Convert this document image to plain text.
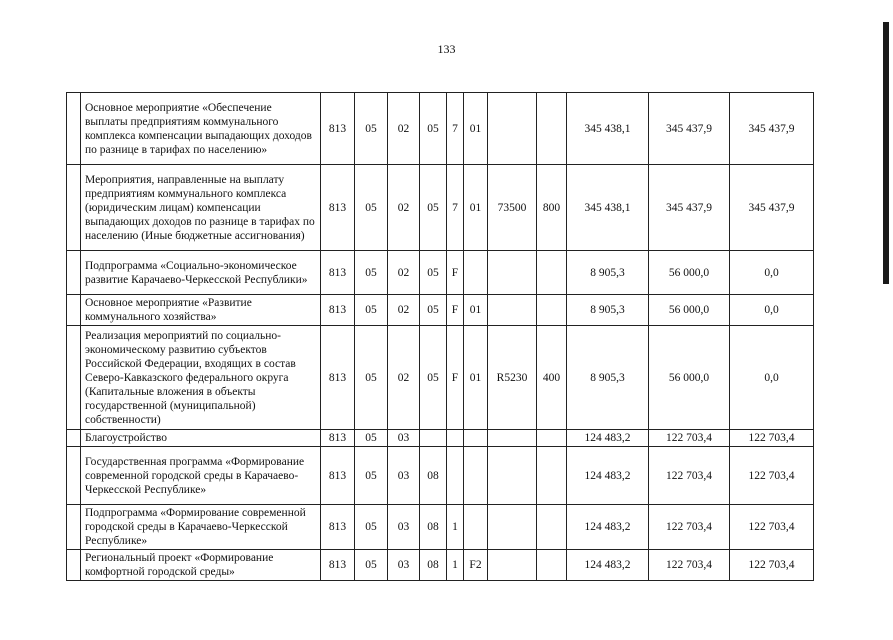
133
	Основное мероприятие «Обеспечение выплаты предприятиям коммунального комплекса компенсации выпадающих доходов по разнице в тарифах по населению»	813	05	02	05	7	01			345 438,1	345 437,9	345 437,9
	Мероприятия, направленные на выплату предприятиям коммунального комплекса (юридическим лицам) компенсации выпадающих доходов по разнице в тарифах по населению (Иные бюджетные ассигнования)	813	05	02	05	7	01	73500	800	345 438,1	345 437,9	345 437,9
	Подпрограмма «Социально-экономическое развитие Карачаево-Черкесской Республики»	813	05	02	05	F				8 905,3	56 000,0	0,0
	Основное мероприятие «Развитие коммунального хозяйства»	813	05	02	05	F	01			8 905,3	56 000,0	0,0
	Реализация мероприятий по социально-экономическому развитию субъектов Российской Федерации, входящих в состав Северо-Кавказского федерального округа (Капитальные вложения в объекты государственной (муниципальной) собственности)	813	05	02	05	F	01	R5230	400	8 905,3	56 000,0	0,0
	Благоустройство	813	05	03						124 483,2	122 703,4	122 703,4
	Государственная программа «Формирование современной городской среды в Карачаево-Черкесской Республике»	813	05	03	08					124 483,2	122 703,4	122 703,4
	Подпрограмма «Формирование современной городской среды в Карачаево-Черкесской Республике»	813	05	03	08	1				124 483,2	122 703,4	122 703,4
	Региональный проект «Формирование комфортной городской среды»	813	05	03	08	1	F2			124 483,2	122 703,4	122 703,4
